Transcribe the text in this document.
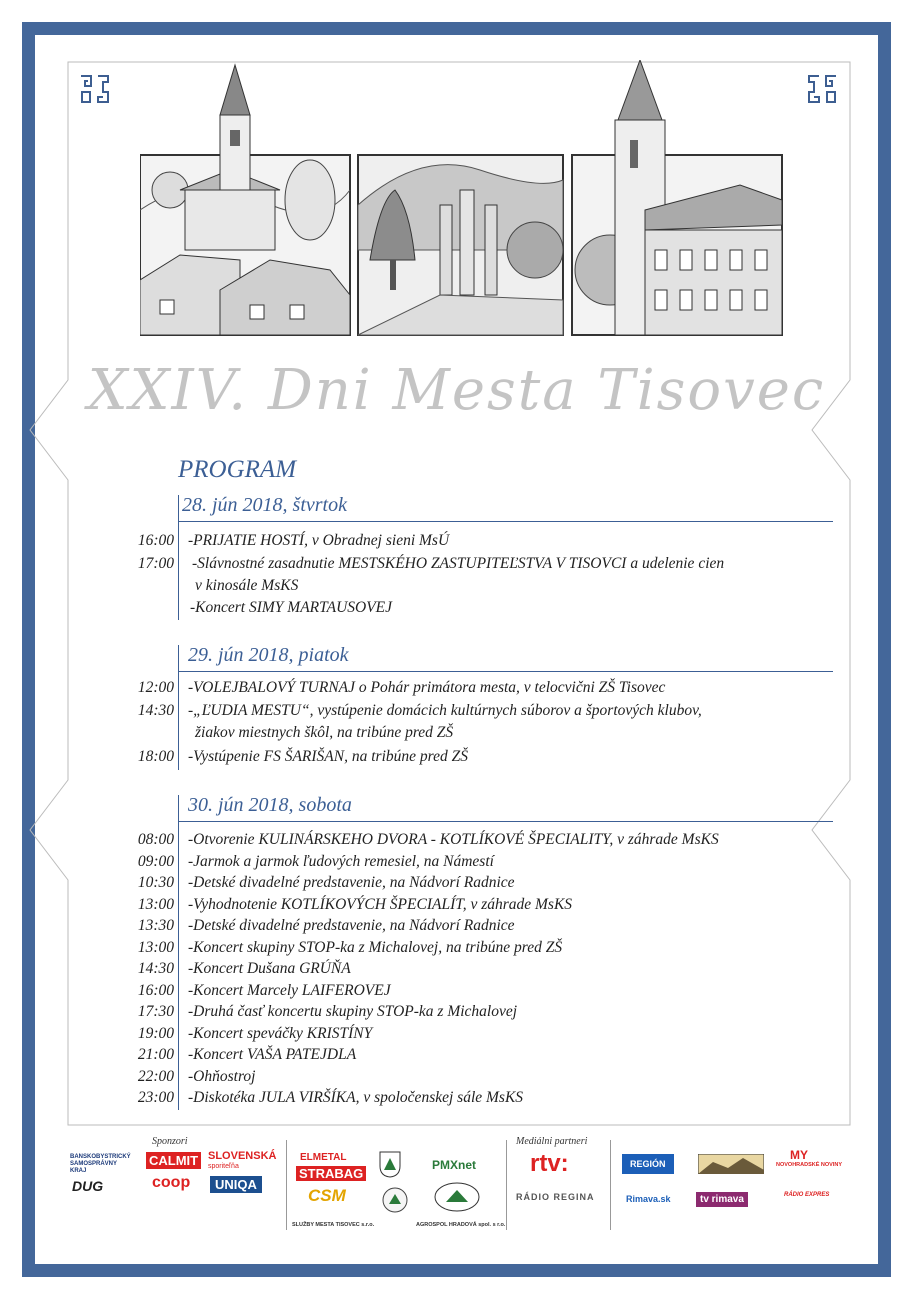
XXIV. Dni Mesta Tisovec
PROGRAM
28. jún 2018, štvrtok
16:00 -PRIJATIE HOSTÍ, v Obradnej sieni MsÚ
17:00 -Slávnostné zasadnutie MESTSKÉHO ZASTUPITEĽSTVA V TISOVCI a udelenie cien
v kinosále MsKS
-Koncert SIMY MARTAUSOVEJ
29. jún 2018, piatok
12:00 -VOLEJBALOVÝ TURNAJ o Pohár primátora mesta, v telocvični ZŠ Tisovec
14:30 -„ĽUDIA MESTU“, vystúpenie domácich kultúrnych súborov a športových klubov,
žiakov miestnych škôl, na tribúne pred ZŠ
18:00 -Vystúpenie FS ŠARIŠAN, na tribúne pred ZŠ
30. jún 2018, sobota
08:00 -Otvorenie KULINÁRSKEHO DVORA - KOTLÍKOVÉ ŠPECIALITY, v záhrade MsKS
09:00 -Jarmok a jarmok ľudových remesiel, na Námestí
10:30 -Detské divadelné predstavenie, na Nádvorí Radnice
13:00 -Vyhodnotenie KOTLÍKOVÝCH ŠPECIALÍT, v záhrade MsKS
13:30 -Detské divadelné predstavenie, na Nádvorí Radnice
13:00 -Koncert skupiny STOP-ka z Michalovej, na tribúne pred ZŠ
14:30 -Koncert Dušana GRÚŇA
16:00 -Koncert Marcely LAIFEROVEJ
17:30 -Druhá časť koncertu skupiny STOP-ka z Michalovej
19:00 -Koncert speváčky KRISTÍNY
21:00 -Koncert VAŠA PATEJDLA
22:00 -Ohňostroj
23:00 -Diskotéka JULA VIRŠÍKA, v spoločenskej sále MsKS
Sponzori
BANSKOBYSTRICKÝ SAMOSPRÁVNY KRAJ
CALMIT SLOVENSKÁ
sporiteľňa
DUG	coop	UNIQA
ELMETAL
STRABAG
CSM
SLUŽBY MESTA TISOVEC s.r.o.
PMXnet
AGROSPOL HRADOVÁ spol. s r.o.
Mediálni partneri
rtv:
RÁDIO REGINA
REGIÓN
MY
NOVOHRADSKÉ NOVINY
Rimava.sk	tv rimava	RÁDIO EXPRES
